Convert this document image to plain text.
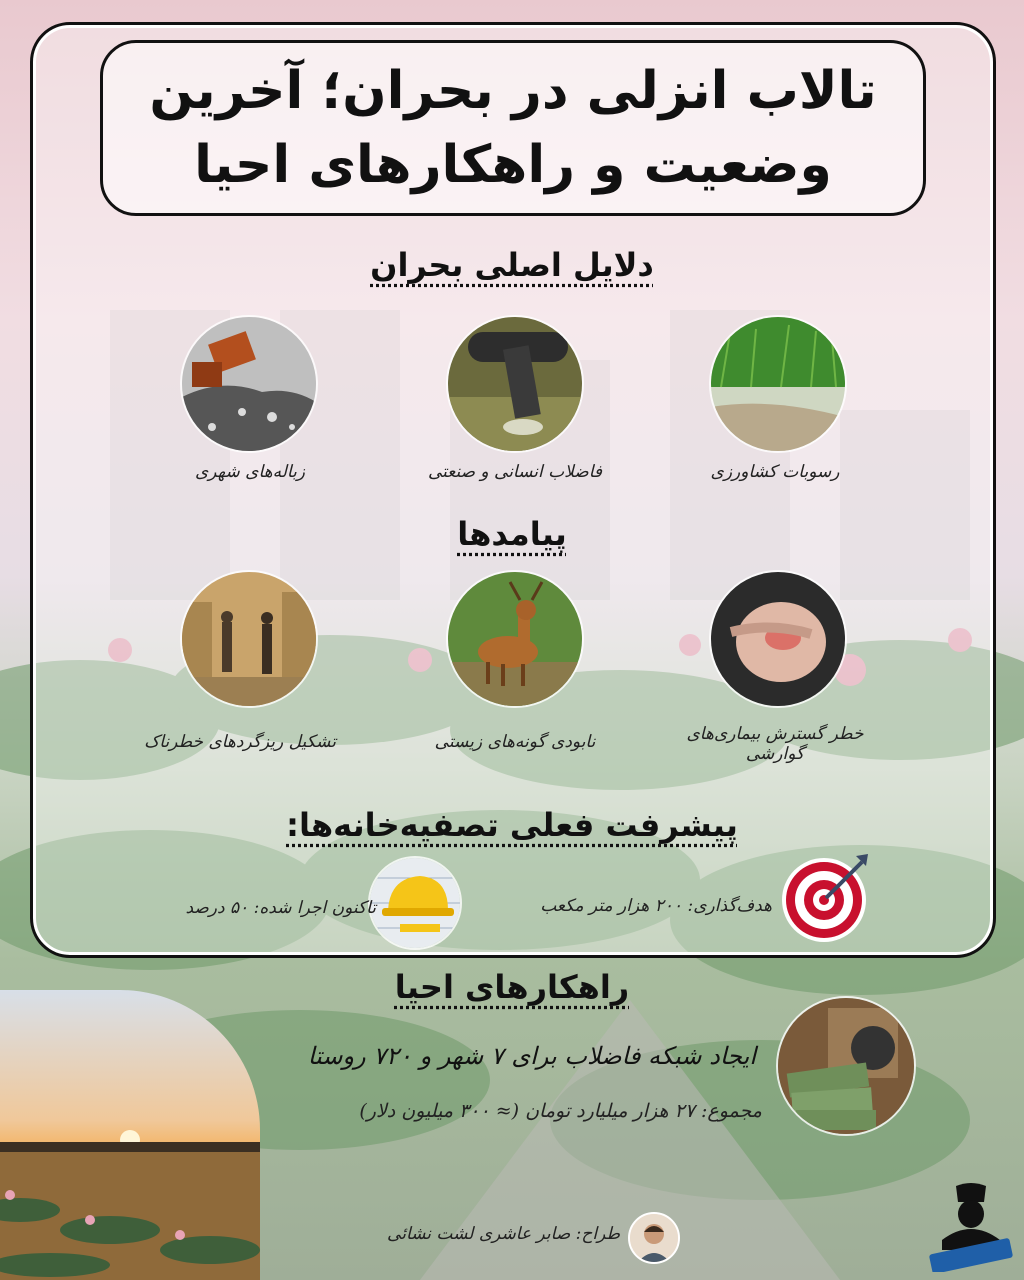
تالاب انزلی در بحران؛ آخرین وضعیت و راهکارهای احیا
دلایل اصلی بحران
رسوبات کشاورزی
فاضلاب انسانی و صنعتی
زباله‌های شهری
پیامدها
خطر گسترش بیماری‌های گوارشی
نابودی گونه‌های زیستی
تشکیل ریزگردهای خطرناک
پیشرفت فعلی تصفیه‌خانه‌ها:
هدف‌گذاری: ۲۰۰ هزار متر مکعب
تاکنون اجرا شده: ۵۰ درصد
راهکارهای احیا
ایجاد شبکه فاضلاب برای ۷ شهر و ۷۲۰ روستا
مجموع: ۲۷ هزار میلیارد تومان (≈ ۳۰۰ میلیون دلار)
طراح: صابر عاشری لشت نشائی
